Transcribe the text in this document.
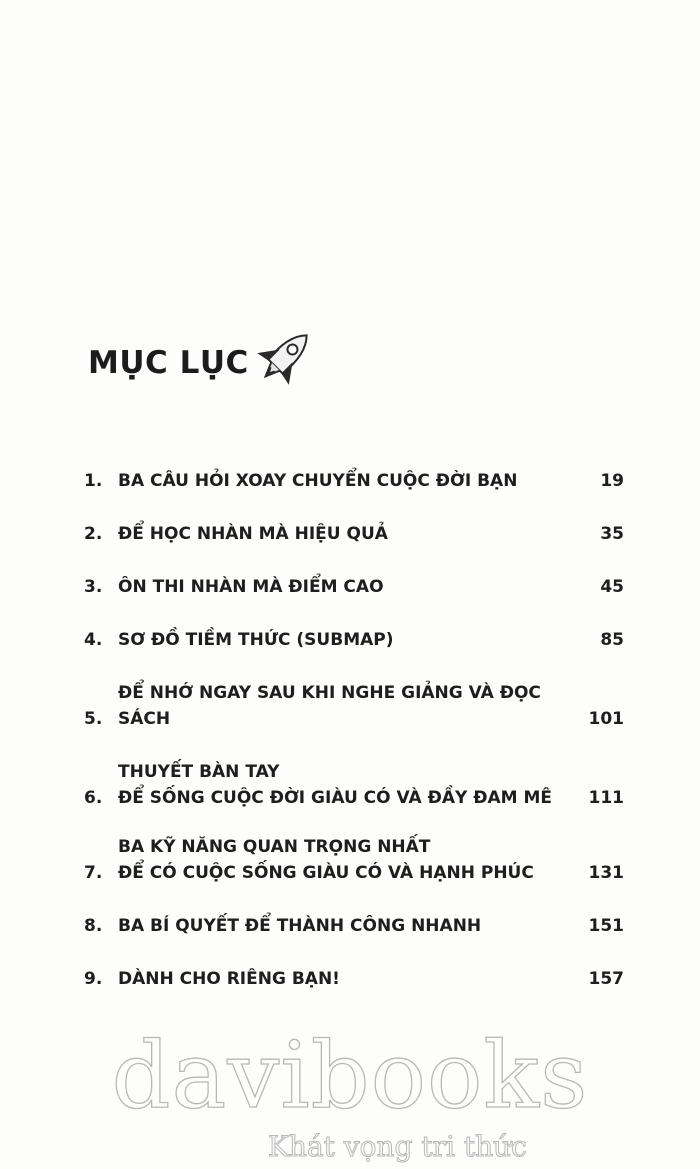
MỤC LỤC
1. BA CÂU HỎI XOAY CHUYỂN CUỘC ĐỜI BẠN	19
2. ĐỂ HỌC NHÀN MÀ HIỆU QUẢ	35
3. ÔN THI NHÀN MÀ ĐIỂM CAO	45
4. SƠ ĐỒ TIỀM THỨC (SUBMAP)	85
5.
ĐỂ NHỚ NGAY SAU KHI NGHE GIẢNG VÀ ĐỌC SÁCH	101
6.
THUYẾT BÀN TAY
ĐỂ SỐNG CUỘC ĐỜI GIÀU CÓ VÀ ĐẦY ĐAM MÊ	111
7.
BA KỸ NĂNG QUAN TRỌNG NHẤT
ĐỂ CÓ CUỘC SỐNG GIÀU CÓ VÀ HẠNH PHÚC	131
8. BA BÍ QUYẾT ĐỂ THÀNH CÔNG NHANH	151
9. DÀNH CHO RIÊNG BẠN!	157
davibooks
Khát vọng tri thức
